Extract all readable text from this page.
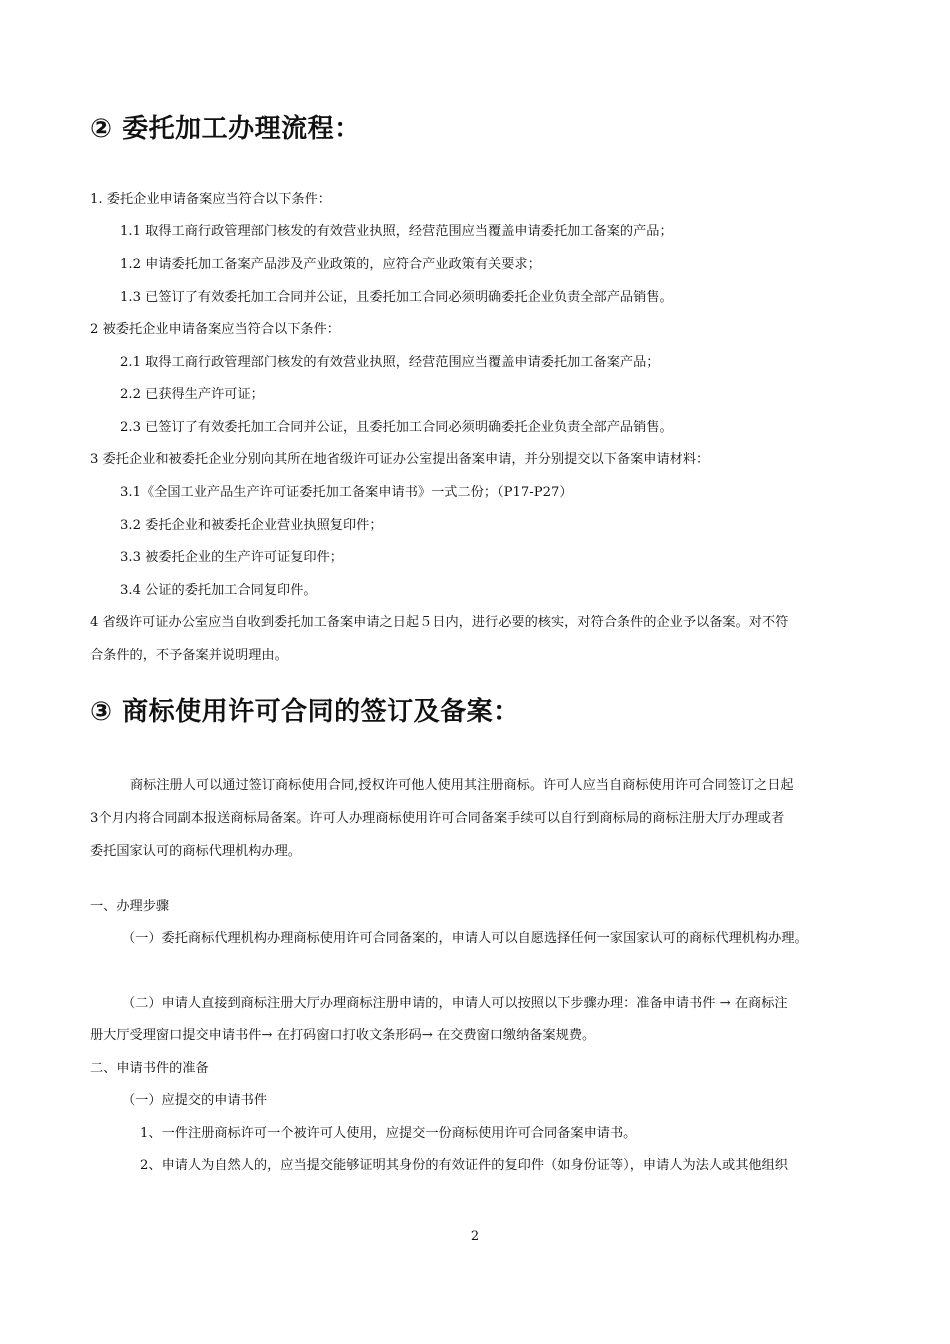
② 委托加工办理流程：
1. 委托企业申请备案应当符合以下条件：
1.1 取得工商行政管理部门核发的有效营业执照，经营范围应当覆盖申请委托加工备案的产品；
1.2 申请委托加工备案产品涉及产业政策的，应符合产业政策有关要求；
1.3 已签订了有效委托加工合同并公证，且委托加工合同必须明确委托企业负责全部产品销售。
2 被委托企业申请备案应当符合以下条件：
2.1 取得工商行政管理部门核发的有效营业执照，经营范围应当覆盖申请委托加工备案产品；
2.2 已获得生产许可证；
2.3 已签订了有效委托加工合同并公证，且委托加工合同必须明确委托企业负责全部产品销售。
3 委托企业和被委托企业分别向其所在地省级许可证办公室提出备案申请，并分别提交以下备案申请材料：
3.1《全国工业产品生产许可证委托加工备案申请书》一式二份；（P17-P27）
3.2 委托企业和被委托企业营业执照复印件；
3.3 被委托企业的生产许可证复印件；
3.4 公证的委托加工合同复印件。
4 省级许可证办公室应当自收到委托加工备案申请之日起５日内，进行必要的核实，对符合条件的企业予以备案。对不符
合条件的，不予备案并说明理由。
③ 商标使用许可合同的签订及备案：
商标注册人可以通过签订商标使用合同,授权许可他人使用其注册商标。许可人应当自商标使用许可合同签订之日起
3个月内将合同副本报送商标局备案。许可人办理商标使用许可合同备案手续可以自行到商标局的商标注册大厅办理或者
委托国家认可的商标代理机构办理。
一、办理步骤
（一）委托商标代理机构办理商标使用许可合同备案的，申请人可以自愿选择任何一家国家认可的商标代理机构办理。
（二）申请人直接到商标注册大厅办理商标注册申请的，申请人可以按照以下步骤办理：准备申请书件 → 在商标注
册大厅受理窗口提交申请书件→ 在打码窗口打收文条形码→ 在交费窗口缴纳备案规费。
二、申请书件的准备
（一）应提交的申请书件
1、一件注册商标许可一个被许可人使用，应提交一份商标使用许可合同备案申请书。
2、申请人为自然人的，应当提交能够证明其身份的有效证件的复印件（如身份证等），申请人为法人或其他组织
2
